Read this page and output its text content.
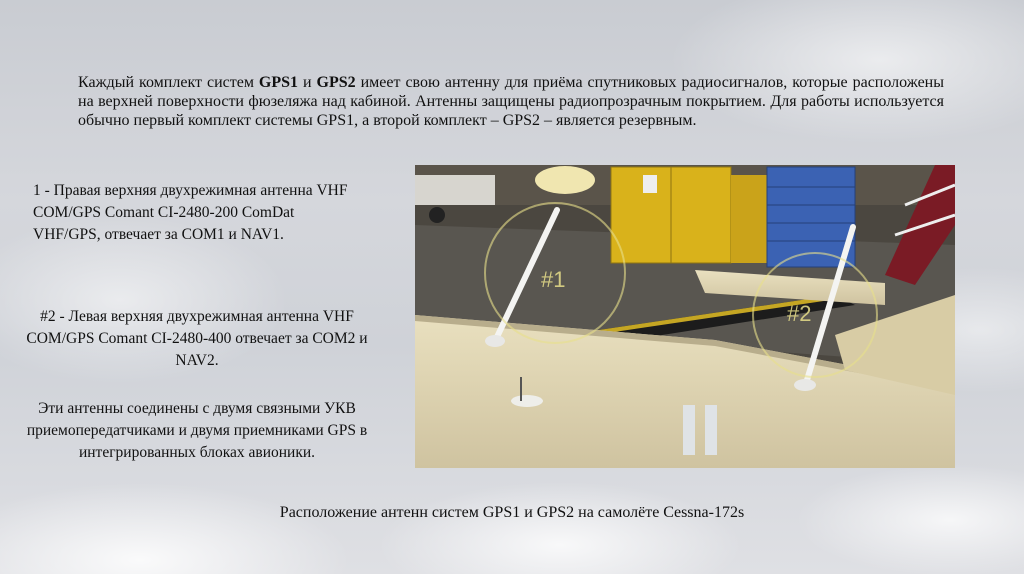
Каждый комплект систем GPS1 и GPS2 имеет свою антенну для приёма спутниковых радиосигналов, которые расположены на верхней поверхности фюзеляжа над кабиной. Антенны защищены радиопрозрачным покрытием. Для работы используется обычно первый комплект системы GPS1, а второй комплект – GPS2 – является резервным.
1 - Правая верхняя двухрежимная антенна VHF COM/GPS Comant CI-2480-200 ComDat VHF/GPS, отвечает за COM1 и NAV1.
#2 - Левая верхняя двухрежимная антенна VHF COM/GPS Comant CI-2480-400 отвечает за COM2 и NAV2.
Эти антенны соединены с двумя связными УКВ приемопередатчиками и двумя приемниками GPS в интегрированных блоках авионики.
#1
#2
Расположение антенн систем GPS1 и GPS2 на самолёте Cessna-172s
